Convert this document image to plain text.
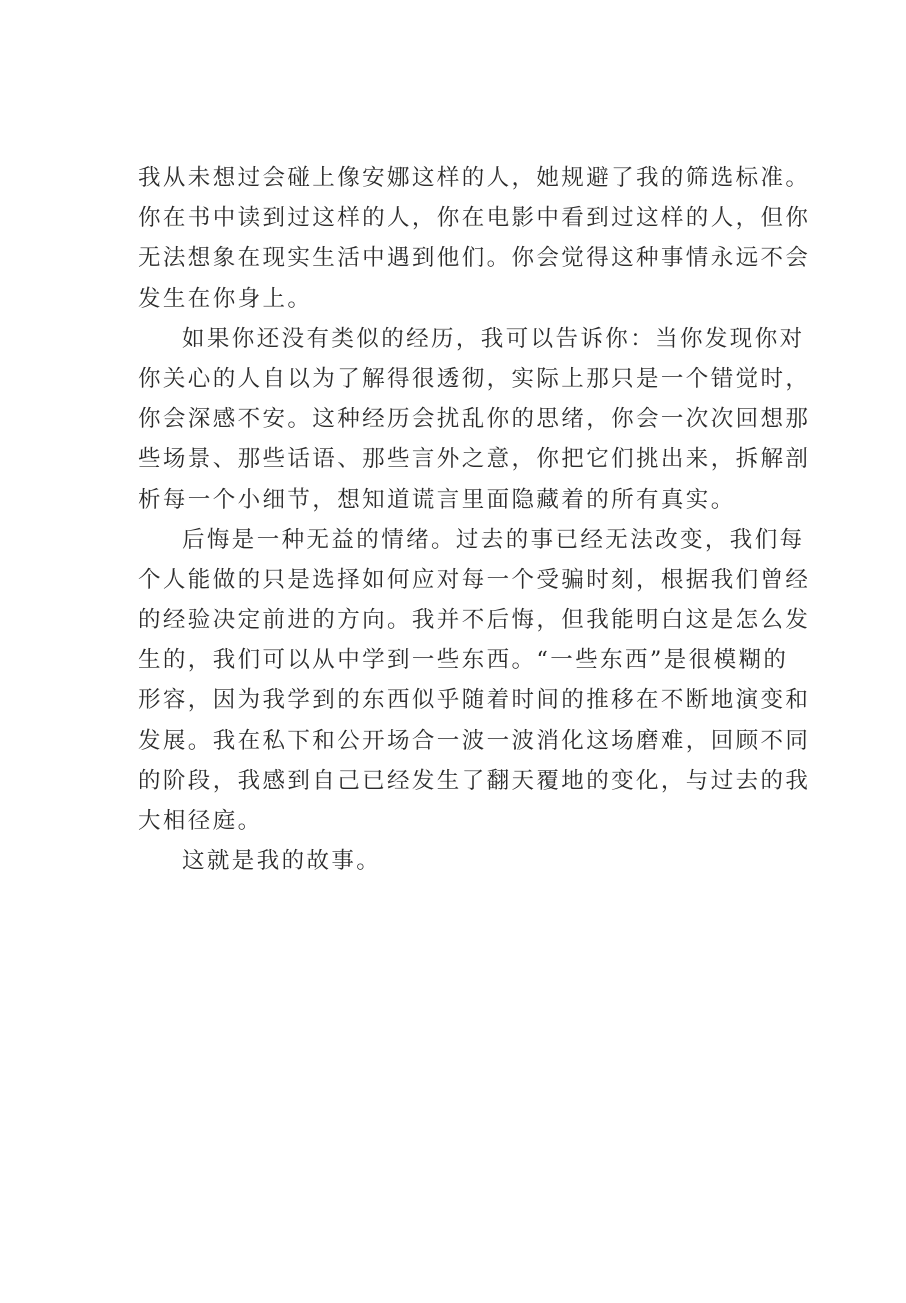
我从未想过会碰上像安娜这样的人，她规避了我的筛选标准。
你在书中读到过这样的人，你在电影中看到过这样的人，但你
无法想象在现实生活中遇到他们。你会觉得这种事情永远不会
发生在你身上。

如果你还没有类似的经历，我可以告诉你：当你发现你对
你关心的人自以为了解得很透彻，实际上那只是一个错觉时，
你会深感不安。这种经历会扰乱你的思绪，你会一次次回想那
些场景、那些话语、那些言外之意，你把它们挑出来，拆解剖
析每一个小细节，想知道谎言里面隐藏着的所有真实。

后悔是一种无益的情绪。过去的事已经无法改变，我们每
个人能做的只是选择如何应对每一个受骗时刻，根据我们曾经
的经验决定前进的方向。我并不后悔，但我能明白这是怎么发
生的，我们可以从中学到一些东西。“一些东西”是很模糊的
形容，因为我学到的东西似乎随着时间的推移在不断地演变和
发展。我在私下和公开场合一波一波消化这场磨难，回顾不同
的阶段，我感到自己已经发生了翻天覆地的变化，与过去的我
大相径庭。

这就是我的故事。
